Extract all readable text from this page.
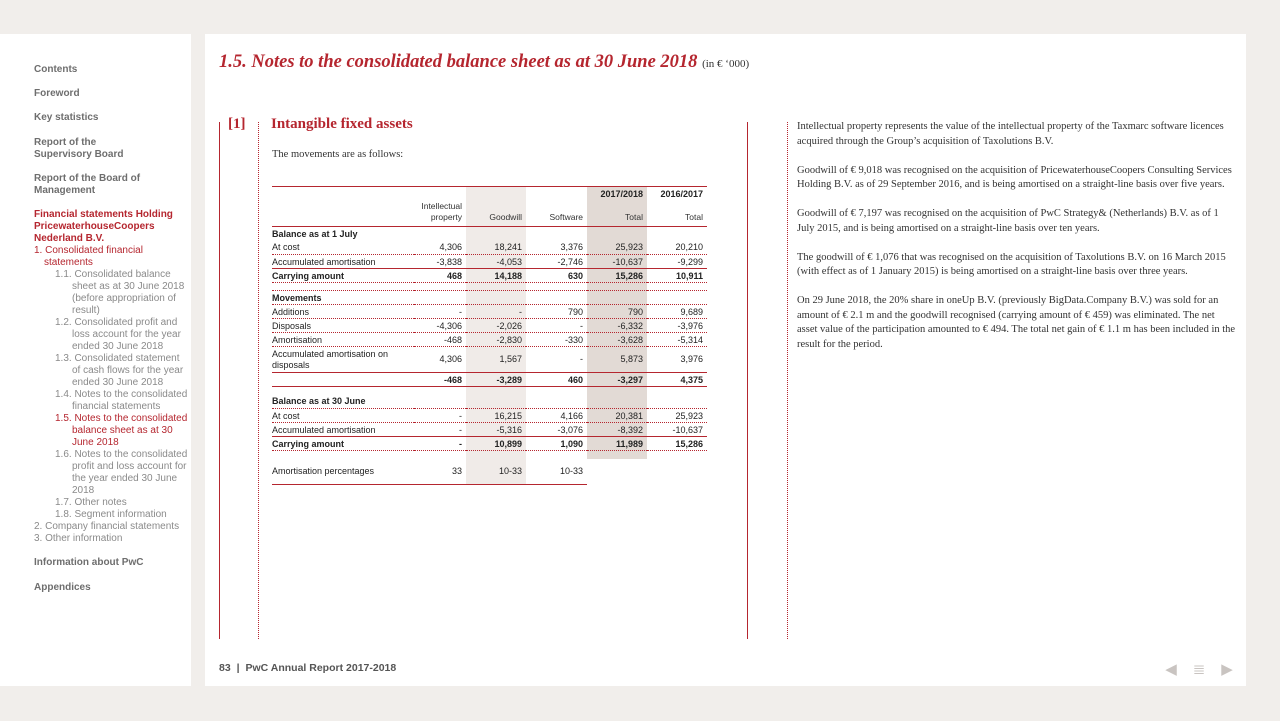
Contents
Foreword
Key statistics
Report of the Supervisory Board
Report of the Board of Management
Financial statements Holding PricewaterhouseCoopers Nederland B.V.
1. Consolidated financial statements
1.1. Consolidated balance sheet as at 30 June 2018 (before appropriation of result)
1.2. Consolidated profit and loss account for the year ended 30 June 2018
1.3. Consolidated statement of cash flows for the year ended 30 June 2018
1.4. Notes to the consolidated financial statements
1.5. Notes to the consolidated balance sheet as at 30 June 2018
1.6. Notes to the consolidated profit and loss account for the year ended 30 June 2018
1.7. Other notes
1.8. Segment information
2. Company financial statements
3. Other information
Information about PwC
Appendices
1.5. Notes to the consolidated balance sheet as at 30 June 2018 (in € ‘000)
[1] Intangible fixed assets
The movements are as follows:
				2017/2018	2016/2017
	Intellectual
property	Goodwill	Software	Total	Total
Balance as at 1 July					
At cost	4,306	18,241	3,376	25,923	20,210
Accumulated amortisation	-3,838	-4,053	-2,746	-10,637	-9,299
Carrying amount	468	14,188	630	15,286	10,911

Movements					
Additions	-	-	790	790	9,689
Disposals	-4,306	-2,026	-	-6,332	-3,976
Amortisation	-468	-2,830	-330	-3,628	-5,314
Accumulated amortisation on disposals	4,306	1,567	-	5,873	3,976
	-468	-3,289	460	-3,297	4,375

Balance as at 30 June					
At cost	-	16,215	4,166	20,381	25,923
Accumulated amortisation	-	-5,316	-3,076	-8,392	-10,637
Carrying amount	-	10,899	1,090	11,989	15,286

Amortisation percentages	33	10-33	10-33		

Intellectual property represents the value of the intellectual property of the Taxmarc software licences acquired through the Group’s acquisition of Taxolutions B.V.

Goodwill of € 9,018 was recognised on the acquisition of PricewaterhouseCoopers Consulting Services Holding B.V. as of 29 September 2016, and is being amortised on a straight-line basis over five years.

Goodwill of € 7,197 was recognised on the acquisition of PwC Strategy& (Netherlands) B.V. as of 1 July 2015, and is being amortised on a straight-line basis over ten years.

The goodwill of € 1,076 that was recognised on the acquisition of Taxolutions B.V. on 16 March 2015 (with effect as of 1 January 2015) is being amortised on a straight-line basis over three years.

On 29 June 2018, the 20% share in oneUp B.V. (previously BigData.Company B.V.) was sold for an amount of € 2.1 m and the goodwill recognised (carrying amount of € 459) was eliminated. The net asset value of the participation amounted to € 494. The total net gain of € 1.1 m has been included in the result for the period.

83 | PwC Annual Report 2017-2018	◀ ≣ ▶
